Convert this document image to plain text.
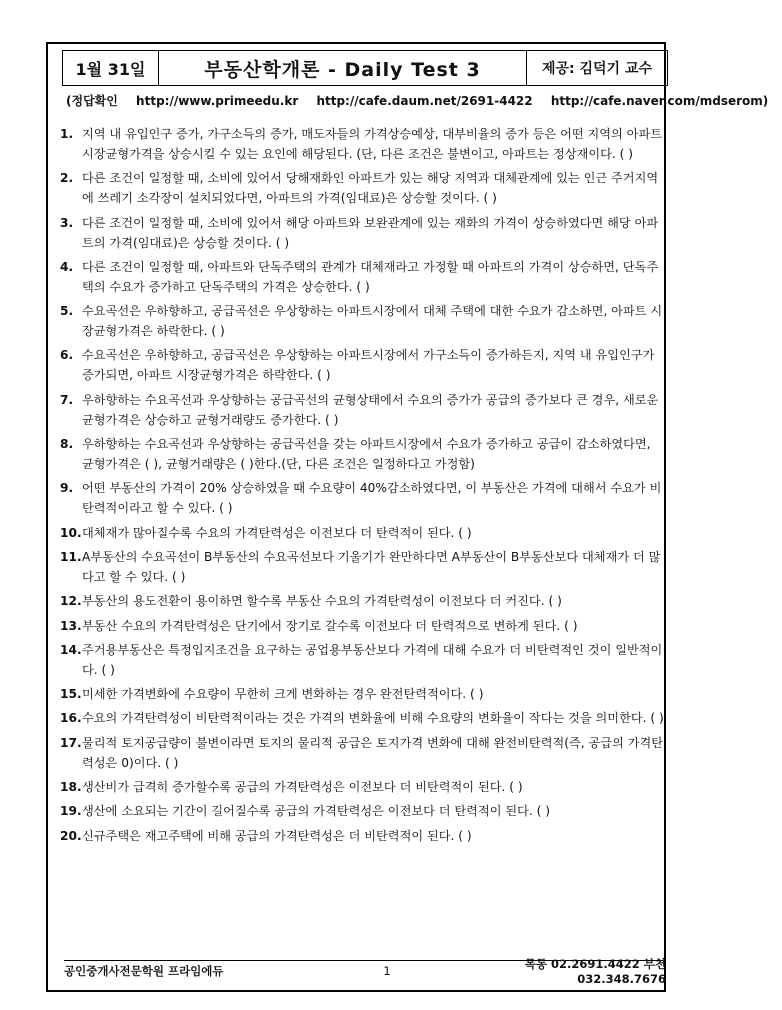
1월 31일	부동산학개론 - Daily Test 3	제공: 김덕기 교수
(정답확인 http://www.primeedu.kr http://cafe.daum.net/2691-4422 http://cafe.naver.com/mdserom)
1. 지역 내 유입인구 증가, 가구소득의 증가, 매도자들의 가격상승예상, 대부비율의 증가 등은 어떤 지역의 아파트 시장균형가격을 상승시킬 수 있는 요인에 해당된다. (단, 다른 조건은 불변이고, 아파트는 정상재이다. ( )
2. 다른 조건이 일정할 때, 소비에 있어서 당해재화인 아파트가 있는 해당 지역과 대체관계에 있는 인근 주거지역에 쓰레기 소각장이 설치되었다면, 아파트의 가격(임대료)은 상승할 것이다. ( )
3. 다른 조건이 일정할 때, 소비에 있어서 해당 아파트와 보완관계에 있는 재화의 가격이 상승하였다면 해당 아파트의 가격(임대료)은 상승할 것이다. ( )
4. 다른 조건이 일정할 때, 아파트와 단독주택의 관계가 대체재라고 가정할 때 아파트의 가격이 상승하면, 단독주택의 수요가 증가하고 단독주택의 가격은 상승한다. ( )
5. 수요곡선은 우하향하고, 공급곡선은 우상향하는 아파트시장에서 대체 주택에 대한 수요가 감소하면, 아파트 시장균형가격은 하락한다. ( )
6. 수요곡선은 우하향하고, 공급곡선은 우상향하는 아파트시장에서 가구소득이 증가하든지, 지역 내 유입인구가 증가되면, 아파트 시장균형가격은 하락한다. ( )
7. 우하향하는 수요곡선과 우상향하는 공급곡선의 균형상태에서 수요의 증가가 공급의 증가보다 큰 경우, 새로운 균형가격은 상승하고 균형거래량도 증가한다. ( )
8. 우하향하는 수요곡선과 우상향하는 공급곡선을 갖는 아파트시장에서 수요가 증가하고 공급이 감소하였다면, 균형가격은 ( ), 균형거래량은 ( )한다.(단, 다른 조건은 일정하다고 가정함)
9. 어떤 부동산의 가격이 20% 상승하였을 때 수요량이 40%감소하였다면, 이 부동산은 가격에 대해서 수요가 비탄력적이라고 할 수 있다. ( )
10. 대체재가 많아질수록 수요의 가격탄력성은 이전보다 더 탄력적이 된다. ( )
11. A부동산의 수요곡선이 B부동산의 수요곡선보다 기울기가 완만하다면 A부동산이 B부동산보다 대체재가 더 많다고 할 수 있다. ( )
12. 부동산의 용도전환이 용이하면 할수록 부동산 수요의 가격탄력성이 이전보다 더 커진다. ( )
13. 부동산 수요의 가격탄력성은 단기에서 장기로 갈수록 이전보다 더 탄력적으로 변하게 된다. ( )
14. 주거용부동산은 특정입지조건을 요구하는 공업용부동산보다 가격에 대해 수요가 더 비탄력적인 것이 일반적이다. ( )
15. 미세한 가격변화에 수요량이 무한히 크게 변화하는 경우 완전탄력적이다. ( )
16. 수요의 가격탄력성이 비탄력적이라는 것은 가격의 변화율에 비해 수요량의 변화율이 작다는 것을 의미한다. ( )
17. 물리적 토지공급량이 불변이라면 토지의 물리적 공급은 토지가격 변화에 대해 완전비탄력적(즉, 공급의 가격탄력성은 0)이다. ( )
18. 생산비가 급격히 증가할수록 공급의 가격탄력성은 이전보다 더 비탄력적이 된다. ( )
19. 생산에 소요되는 기간이 길어질수록 공급의 가격탄력성은 이전보다 더 탄력적이 된다. ( )
20. 신규주택은 재고주택에 비해 공급의 가격탄력성은 더 비탄력적이 된다. ( )
공인중개사전문학원 프라임에듀	1	목동 02.2691.4422 부천 032.348.7676
